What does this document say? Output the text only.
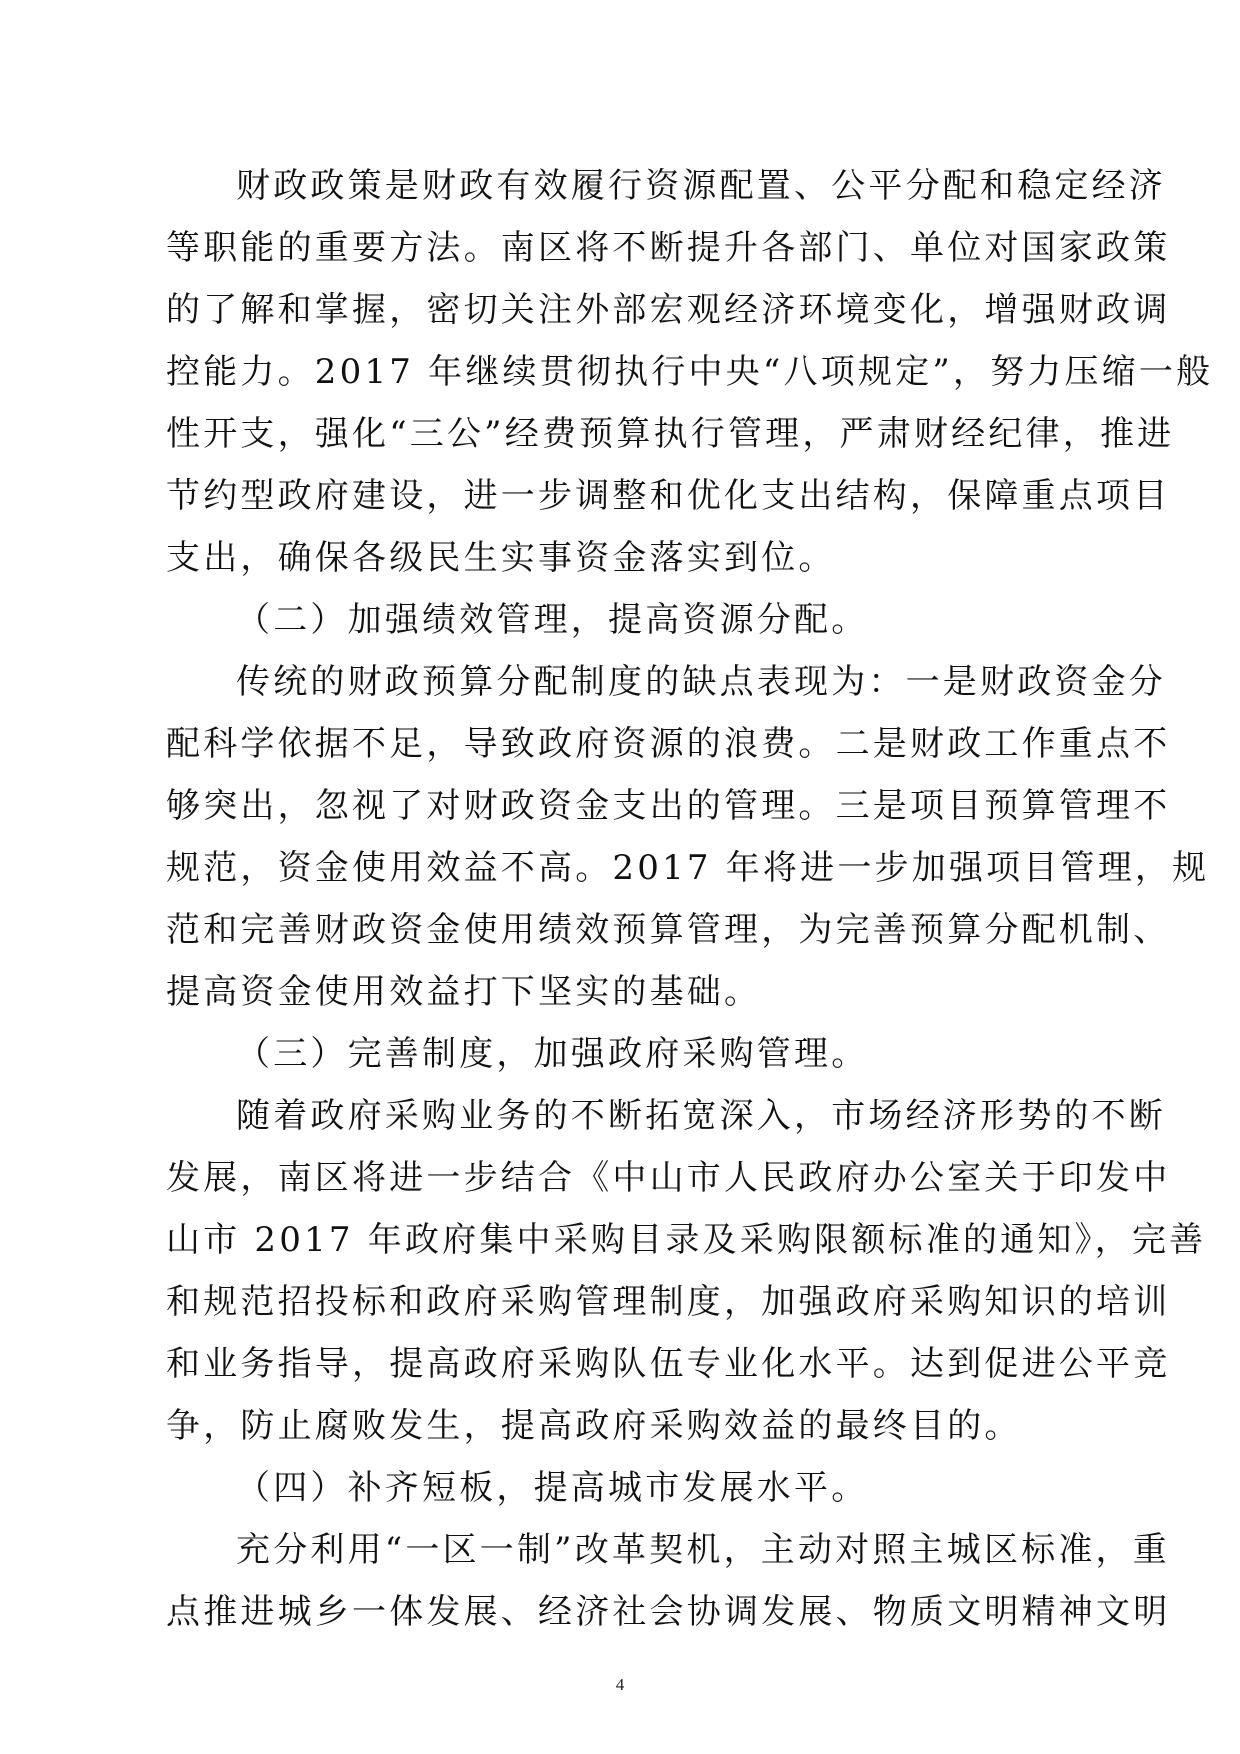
财政政策是财政有效履行资源配置、公平分配和稳定经济
等职能的重要方法。南区将不断提升各部门、单位对国家政策
的了解和掌握，密切关注外部宏观经济环境变化，增强财政调
控能力。2017 年继续贯彻执行中央“八项规定”，努力压缩一般
性开支，强化“三公”经费预算执行管理，严肃财经纪律，推进
节约型政府建设，进一步调整和优化支出结构，保障重点项目
支出，确保各级民生实事资金落实到位。
（二）加强绩效管理，提高资源分配。
传统的财政预算分配制度的缺点表现为：一是财政资金分
配科学依据不足，导致政府资源的浪费。二是财政工作重点不
够突出，忽视了对财政资金支出的管理。三是项目预算管理不
规范，资金使用效益不高。2017 年将进一步加强项目管理，规
范和完善财政资金使用绩效预算管理，为完善预算分配机制、
提高资金使用效益打下坚实的基础。
（三）完善制度，加强政府采购管理。
随着政府采购业务的不断拓宽深入，市场经济形势的不断
发展，南区将进一步结合《中山市人民政府办公室关于印发中
山市 2017 年政府集中采购目录及采购限额标准的通知》，完善
和规范招投标和政府采购管理制度，加强政府采购知识的培训
和业务指导，提高政府采购队伍专业化水平。达到促进公平竞
争，防止腐败发生，提高政府采购效益的最终目的。
（四）补齐短板，提高城市发展水平。
充分利用“一区一制”改革契机，主动对照主城区标准，重
点推进城乡一体发展、经济社会协调发展、物质文明精神文明
4
